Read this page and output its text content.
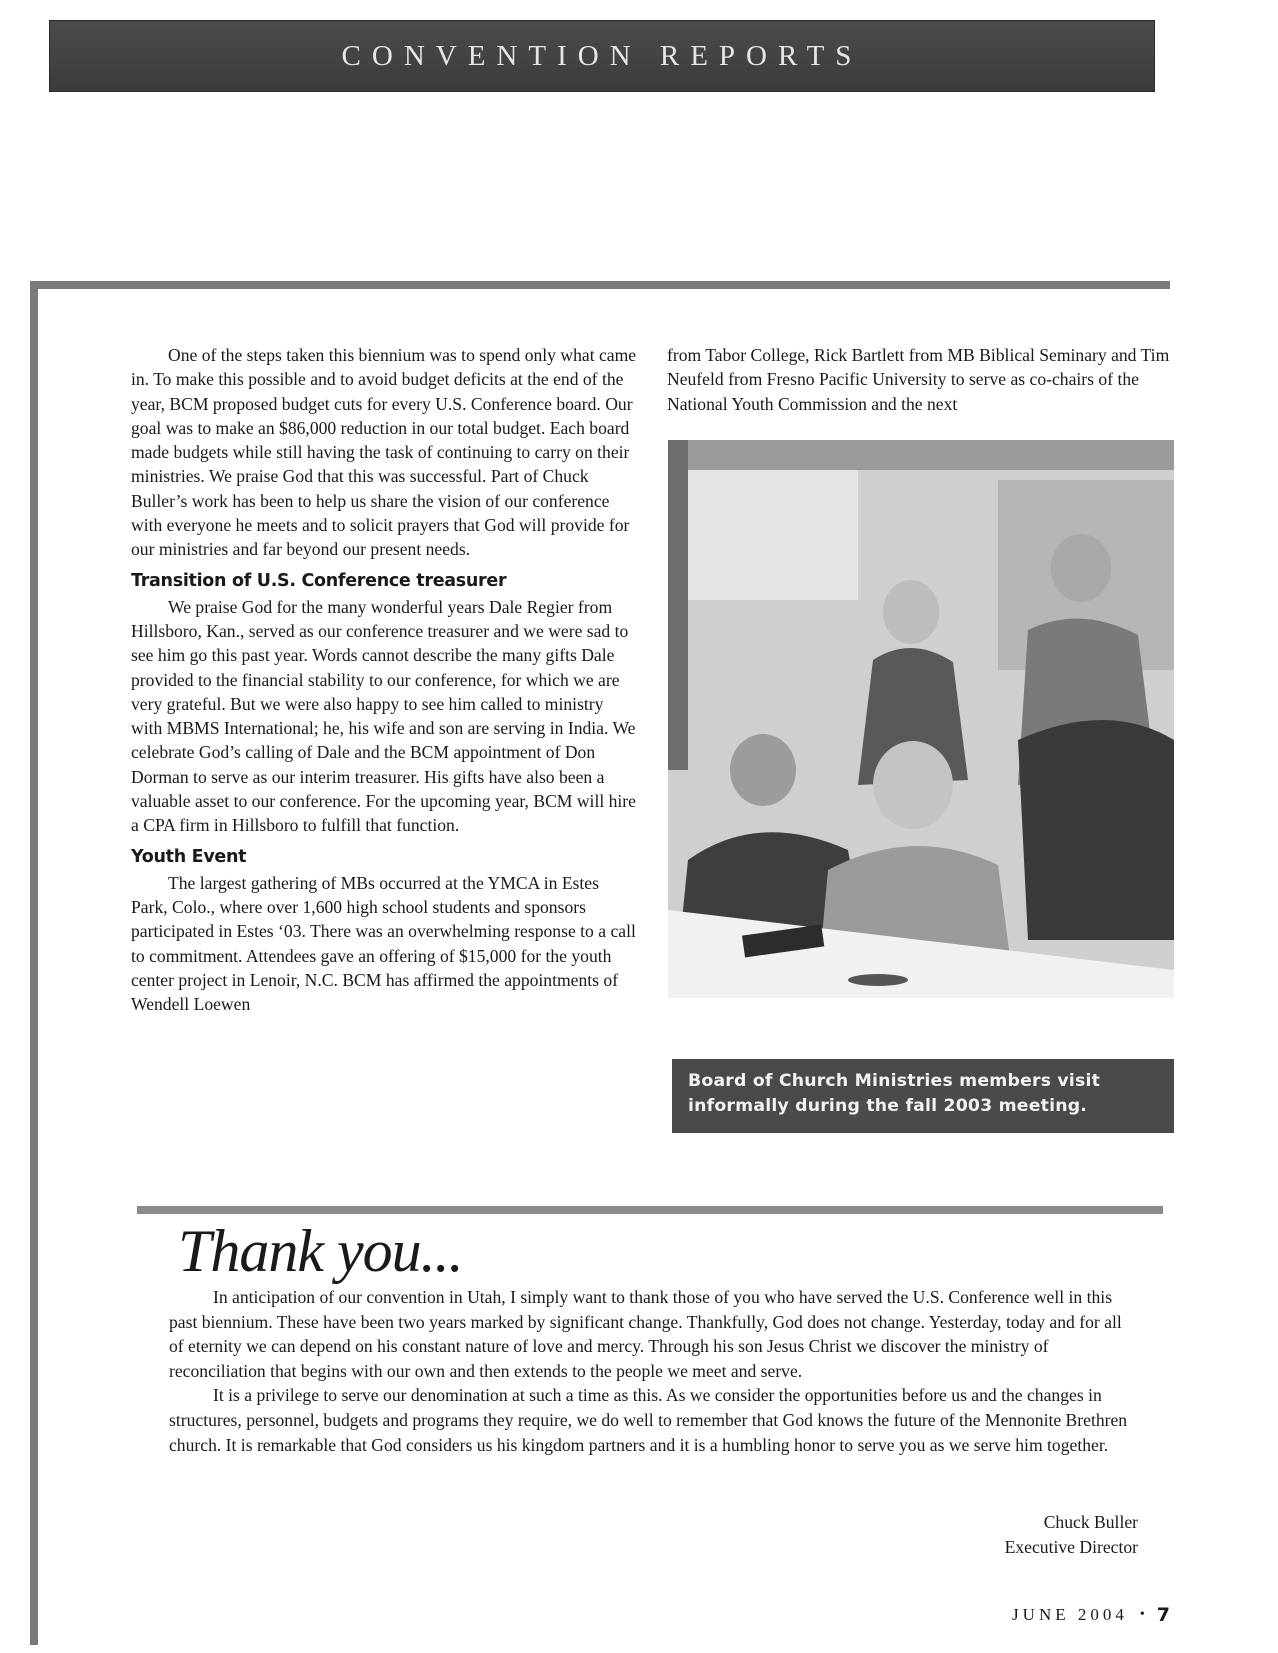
CONVENTION REPORTS

One of the steps taken this biennium was to spend only what came in. To make this possible and to avoid budget deficits at the end of the year, BCM proposed budget cuts for every U.S. Conference board. Our goal was to make an $86,000 reduction in our total budget. Each board made budgets while still having the task of continuing to carry on their ministries. We praise God that this was successful. Part of Chuck Buller’s work has been to help us share the vision of our conference with everyone he meets and to solicit prayers that God will provide for our ministries and far beyond our present needs.

Transition of U.S. Conference treasurer

We praise God for the many wonderful years Dale Regier from Hillsboro, Kan., served as our conference treasurer and we were sad to see him go this past year. Words cannot describe the many gifts Dale provided to the financial stability to our conference, for which we are very grateful. But we were also happy to see him called to ministry with MBMS International; he, his wife and son are serving in India. We celebrate God’s calling of Dale and the BCM appointment of Don Dorman to serve as our interim treasurer. His gifts have also been a valuable asset to our conference. For the upcoming year, BCM will hire a CPA firm in Hillsboro to fulfill that function.

Youth Event

The largest gathering of MBs occurred at the YMCA in Estes Park, Colo., where over 1,600 high school students and sponsors participated in Estes ‘03. There was an overwhelming response to a call to commitment. Attendees gave an offering of $15,000 for the youth center project in Lenoir, N.C. BCM has affirmed the appointments of Wendell Loewen

from Tabor College, Rick Bartlett from MB Biblical Seminary and Tim Neufeld from Fresno Pacific University to serve as co-chairs of the National Youth Commission and the next

Board of Church Ministries members visit informally during the fall 2003 meeting.
Thank you...

In anticipation of our convention in Utah, I simply want to thank those of you who have served the U.S. Conference well in this past biennium. These have been two years marked by significant change. Thankfully, God does not change. Yesterday, today and for all of eternity we can depend on his constant nature of love and mercy. Through his son Jesus Christ we discover the ministry of reconciliation that begins with our own and then extends to the people we meet and serve.

It is a privilege to serve our denomination at such a time as this. As we consider the opportunities before us and the changes in structures, personnel, budgets and programs they require, we do well to remember that God knows the future of the Mennonite Brethren church. It is remarkable that God considers us his kingdom partners and it is a humbling honor to serve you as we serve him together.

Chuck Buller
Executive Director
JUNE 2004 • 7
